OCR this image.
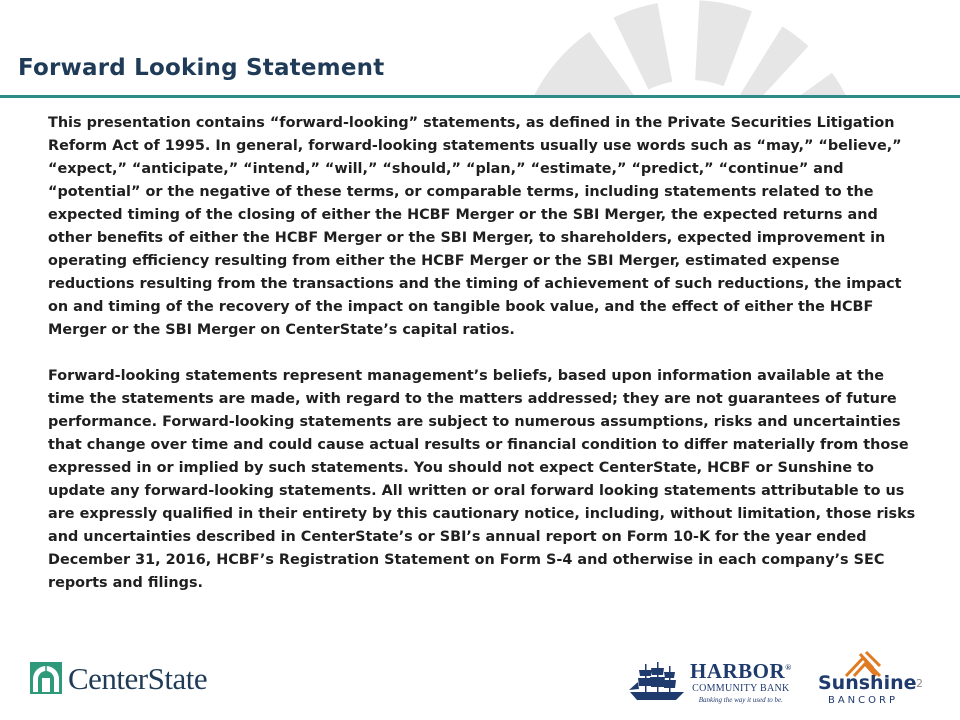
Forward Looking Statement

This presentation contains “forward-looking” statements, as defined in the Private Securities Litigation Reform Act of 1995. In general, forward-looking statements usually use words such as “may,” “believe,” “expect,” “anticipate,” “intend,” “will,” “should,” “plan,” “estimate,” “predict,” “continue” and “potential” or the negative of these terms, or comparable terms, including statements related to the expected timing of the closing of either the HCBF Merger or the SBI Merger, the expected returns and other benefits of either the HCBF Merger or the SBI Merger, to shareholders, expected improvement in operating efficiency resulting from either the HCBF Merger or the SBI Merger, estimated expense reductions resulting from the transactions and the timing of achievement of such reductions, the impact on and timing of the recovery of the impact on tangible book value, and the effect of either the HCBF Merger or the SBI Merger on CenterState’s capital ratios.

Forward-looking statements represent management’s beliefs, based upon information available at the time the statements are made, with regard to the matters addressed; they are not guarantees of future performance. Forward-looking statements are subject to numerous assumptions, risks and uncertainties that change over time and could cause actual results or financial condition to differ materially from those expressed in or implied by such statements. You should not expect CenterState, HCBF or Sunshine to update any forward-looking statements. All written or oral forward looking statements attributable to us are expressly qualified in their entirety by this cautionary notice, including, without limitation, those risks and uncertainties described in CenterState’s or SBI’s annual report on Form 10-K for the year ended December 31, 2016, HCBF’s Registration Statement on Form S-4 and otherwise in each company’s SEC reports and filings.

CenterState	HARBOR®
COMMUNITY BANK
Banking the way it used to be.
Sunshine
BANCORP
2
